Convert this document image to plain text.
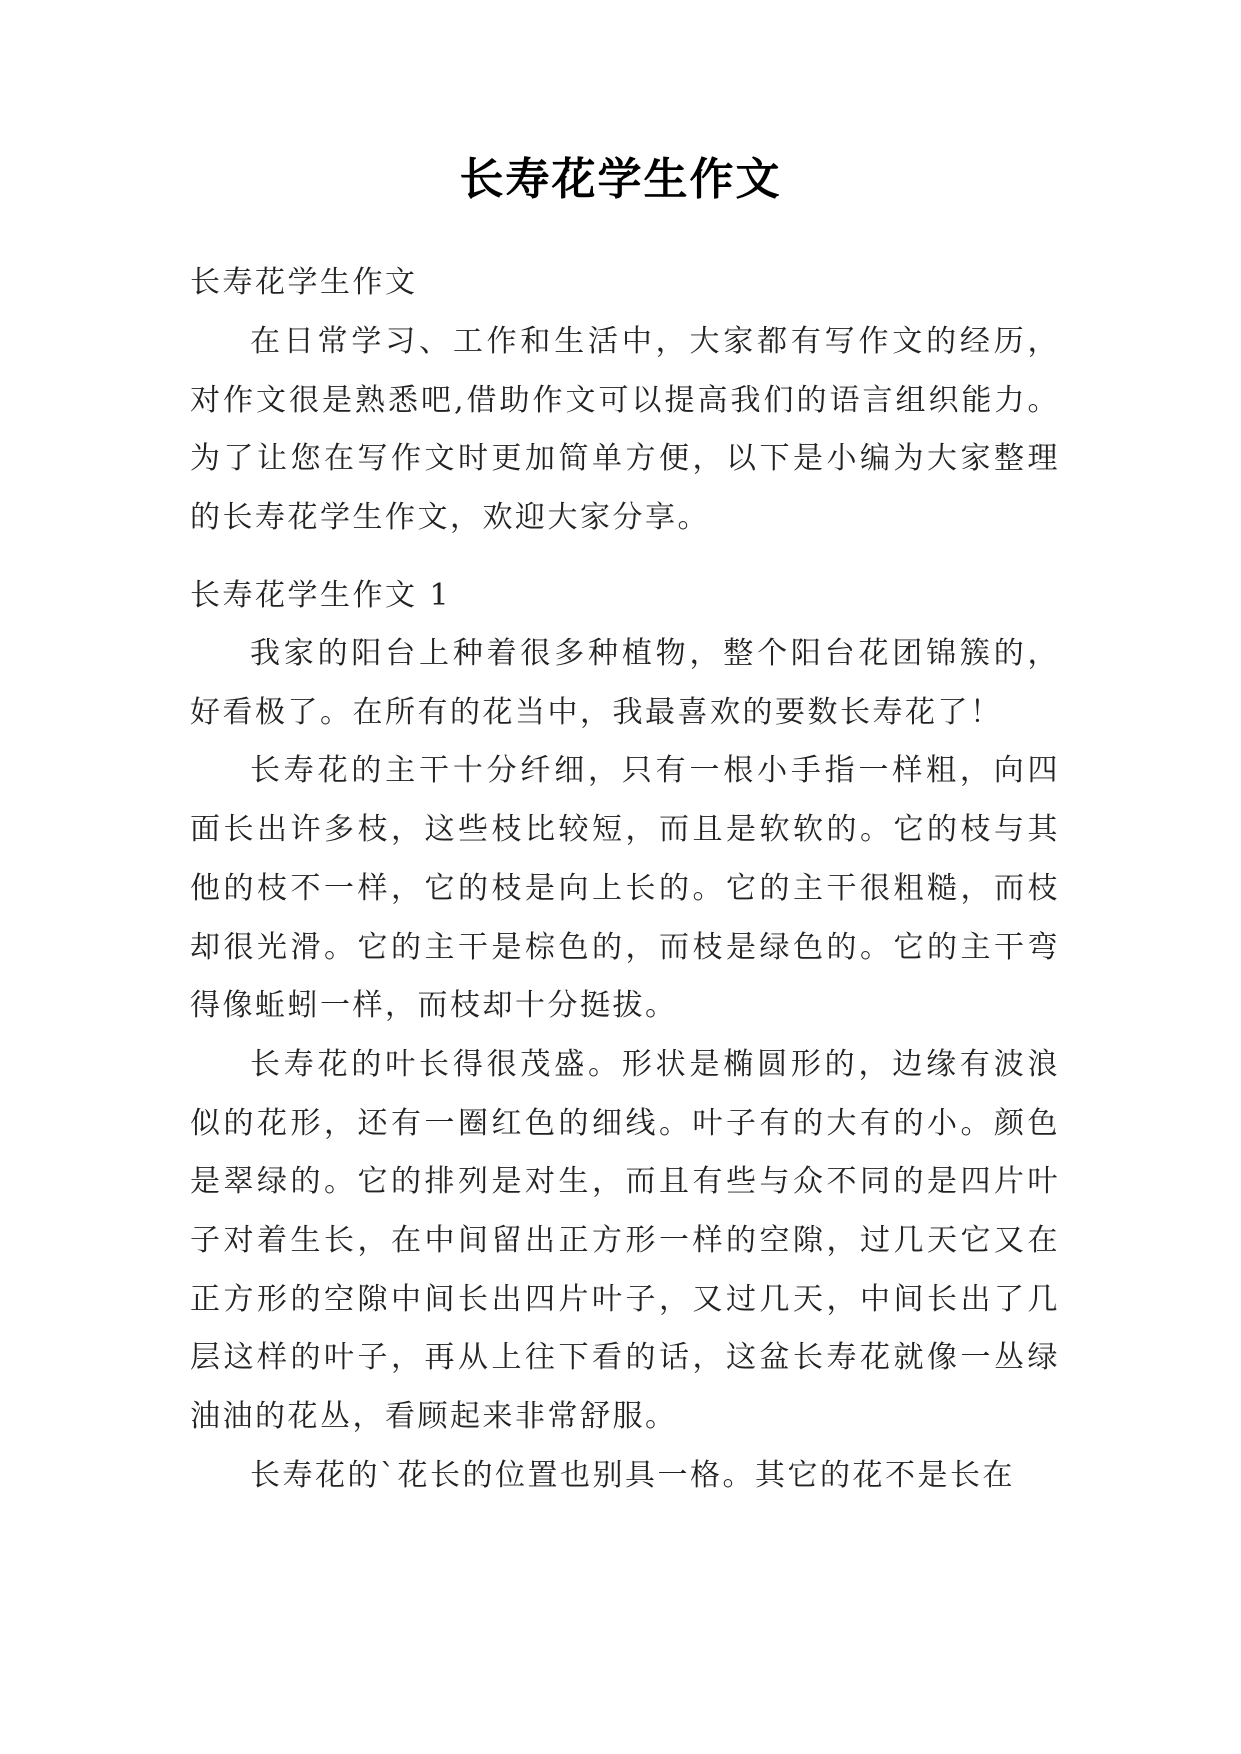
长寿花学生作文
长寿花学生作文

在日常学习、工作和生活中，大家都有写作文的经历，对作文很是熟悉吧,借助作文可以提高我们的语言组织能力。为了让您在写作文时更加简单方便，以下是小编为大家整理的长寿花学生作文，欢迎大家分享。

长寿花学生作文 1

我家的阳台上种着很多种植物，整个阳台花团锦簇的，好看极了。在所有的花当中，我最喜欢的要数长寿花了！

长寿花的主干十分纤细，只有一根小手指一样粗，向四面长出许多枝，这些枝比较短，而且是软软的。它的枝与其他的枝不一样，它的枝是向上长的。它的主干很粗糙，而枝却很光滑。它的主干是棕色的，而枝是绿色的。它的主干弯得像蚯蚓一样，而枝却十分挺拔。

长寿花的叶长得很茂盛。形状是椭圆形的，边缘有波浪似的花形，还有一圈红色的细线。叶子有的大有的小。颜色是翠绿的。它的排列是对生，而且有些与众不同的是四片叶子对着生长，在中间留出正方形一样的空隙，过几天它又在正方形的空隙中间长出四片叶子，又过几天，中间长出了几层这样的叶子，再从上往下看的话，这盆长寿花就像一丛绿油油的花丛，看顾起来非常舒服。

长寿花的`花长的位置也别具一格。其它的花不是长在
